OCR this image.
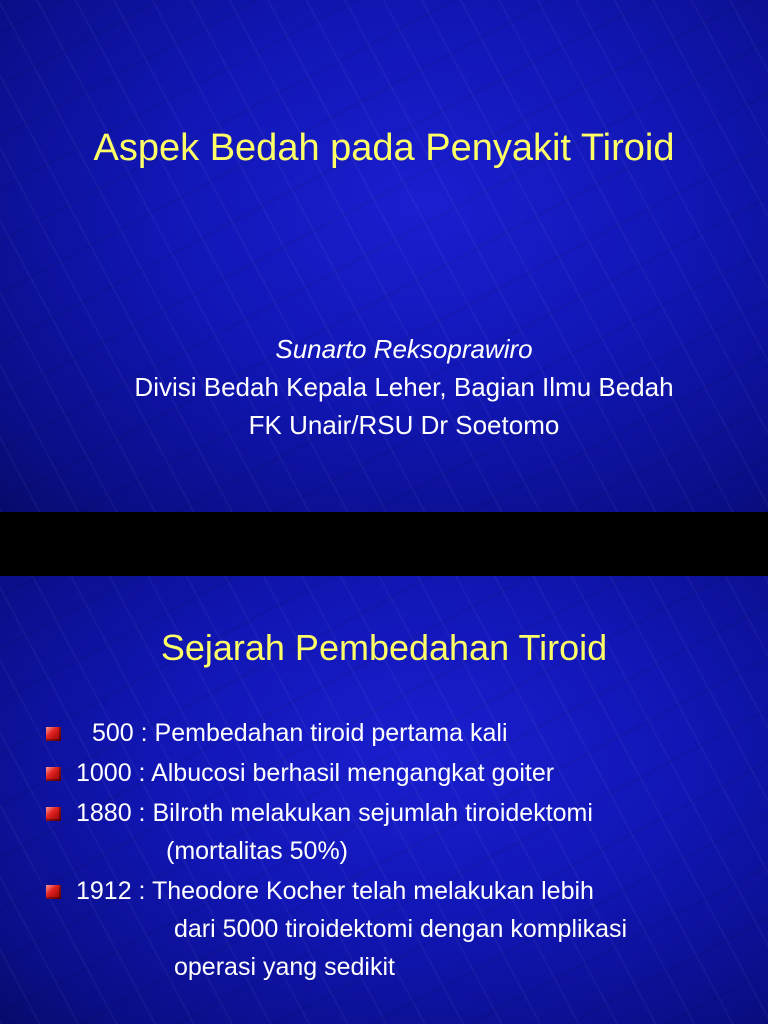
Aspek Bedah pada Penyakit Tiroid
Sunarto Reksoprawiro
Divisi Bedah Kepala Leher, Bagian Ilmu Bedah
FK Unair/RSU Dr Soetomo
Sejarah Pembedahan Tiroid
500 : Pembedahan tiroid pertama kali
1000 : Albucosi berhasil mengangkat goiter
1880 : Bilroth melakukan sejumlah tiroidektomi
(mortalitas 50%)
1912 : Theodore Kocher telah melakukan lebih
dari 5000 tiroidektomi dengan komplikasi
operasi yang sedikit
